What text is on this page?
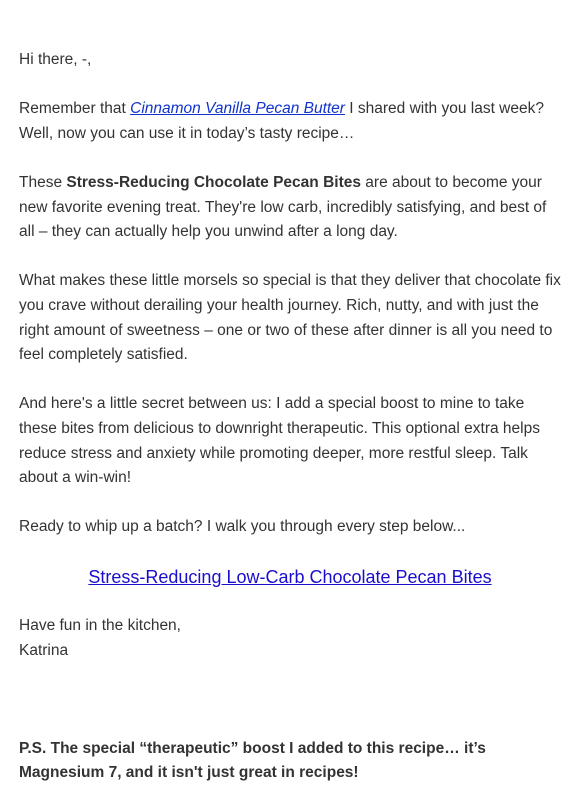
Hi there, -,

Remember that Cinnamon Vanilla Pecan Butter I shared with you last week? Well, now you can use it in today’s tasty recipe…

These Stress-Reducing Chocolate Pecan Bites are about to become your new favorite evening treat. They're low carb, incredibly satisfying, and best of all – they can actually help you unwind after a long day.

What makes these little morsels so special is that they deliver that chocolate fix you crave without derailing your health journey. Rich, nutty, and with just the right amount of sweetness – one or two of these after dinner is all you need to feel completely satisfied.

And here's a little secret between us: I add a special boost to mine to take these bites from delicious to downright therapeutic. This optional extra helps reduce stress and anxiety while promoting deeper, more restful sleep. Talk about a win-win!

Ready to whip up a batch? I walk you through every step below...

Stress-Reducing Low-Carb Chocolate Pecan Bites

Have fun in the kitchen,
Katrina

P.S. The special “therapeutic” boost I added to this recipe… it’s Magnesium 7, and it isn't just great in recipes!
